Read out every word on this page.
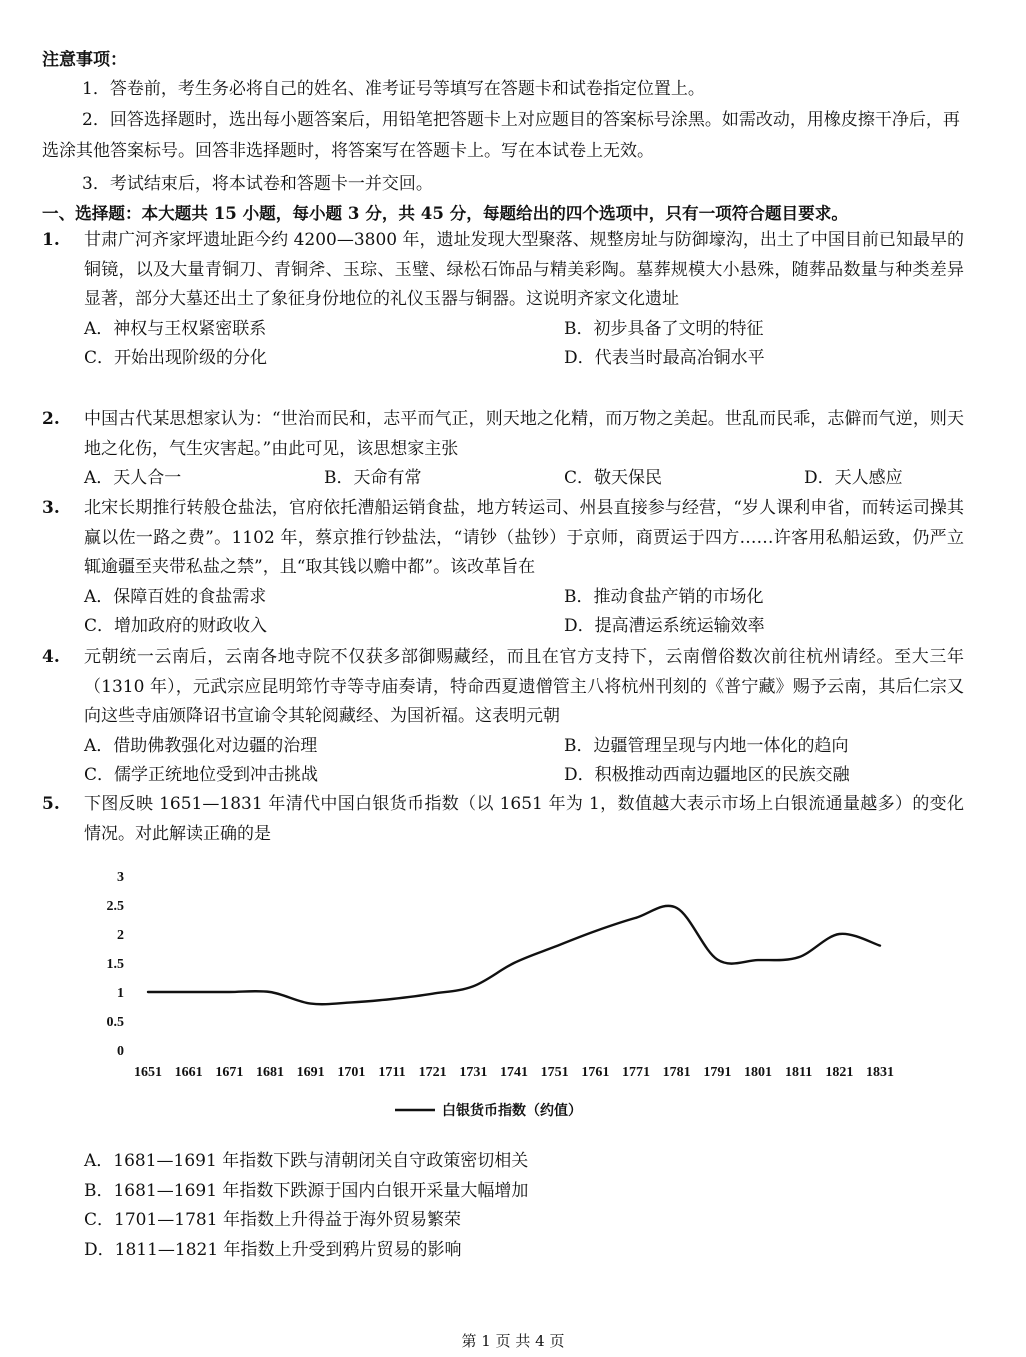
注意事项：
1．答卷前，考生务必将自己的姓名、准考证号等填写在答题卡和试卷指定位置上。
2．回答选择题时，选出每小题答案后，用铅笔把答题卡上对应题目的答案标号涂黑。如需改动，用橡皮擦干净后，再选涂其他答案标号。回答非选择题时，将答案写在答题卡上。写在本试卷上无效。
3．考试结束后，将本试卷和答题卡一并交回。
一、选择题：本大题共 15 小题，每小题 3 分，共 45 分，每题给出的四个选项中，只有一项符合题目要求。
1. 甘肃广河齐家坪遗址距今约 4200—3800 年，遗址发现大型聚落、规整房址与防御壕沟，出土了中国目前已知最早的铜镜，以及大量青铜刀、青铜斧、玉琮、玉璧、绿松石饰品与精美彩陶。墓葬规模大小悬殊，随葬品数量与种类差异显著，部分大墓还出土了象征身份地位的礼仪玉器与铜器。这说明齐家文化遗址
A．神权与王权紧密联系	B．初步具备了文明的特征
C．开始出现阶级的分化	D．代表当时最高冶铜水平
2. 中国古代某思想家认为：“世治而民和，志平而气正，则天地之化精，而万物之美起。世乱而民乖，志僻而气逆，则天地之化伤，气生灾害起。”由此可见，该思想家主张
A．天人合一	B．天命有常	C．敬天保民	D．天人感应
3. 北宋长期推行转般仓盐法，官府依托漕船运销食盐，地方转运司、州县直接参与经营，“岁人课利申省，而转运司操其赢以佐一路之费”。1102 年，蔡京推行钞盐法，“请钞（盐钞）于京师，商贾运于四方……许客用私船运致，仍严立辄逾疆至夹带私盐之禁”，且“取其钱以赡中都”。该改革旨在
A．保障百姓的食盐需求	B．推动食盐产销的市场化
C．增加政府的财政收入	D．提高漕运系统运输效率
4. 元朝统一云南后，云南各地寺院不仅获多部御赐藏经，而且在官方支持下，云南僧俗数次前往杭州请经。至大三年（1310 年），元武宗应昆明筇竹寺等寺庙奏请，特命西夏遗僧管主八将杭州刊刻的《普宁藏》赐予云南，其后仁宗又向这些寺庙颁降诏书宣谕令其轮阅藏经、为国祈福。这表明元朝
A．借助佛教强化对边疆的治理	B．边疆管理呈现与内地一体化的趋向
C．儒学正统地位受到冲击挑战	D．积极推动西南边疆地区的民族交融
5. 下图反映 1651—1831 年清代中国白银货币指数（以 1651 年为 1，数值越大表示市场上白银流通量越多）的变化情况。对此解读正确的是
0
0.5
1
1.5
2
2.5
3
1651 1661 1671 1681 1691 1701 1711 1721 1731 1741 1751 1761 1771 1781 1791 1801 1811 1821 1831
白银货币指数（约值）
A．1681—1691 年指数下跌与清朝闭关自守政策密切相关
B．1681—1691 年指数下跌源于国内白银开采量大幅增加
C．1701—1781 年指数上升得益于海外贸易繁荣
D．1811—1821 年指数上升受到鸦片贸易的影响
第 1 页 共 4 页
